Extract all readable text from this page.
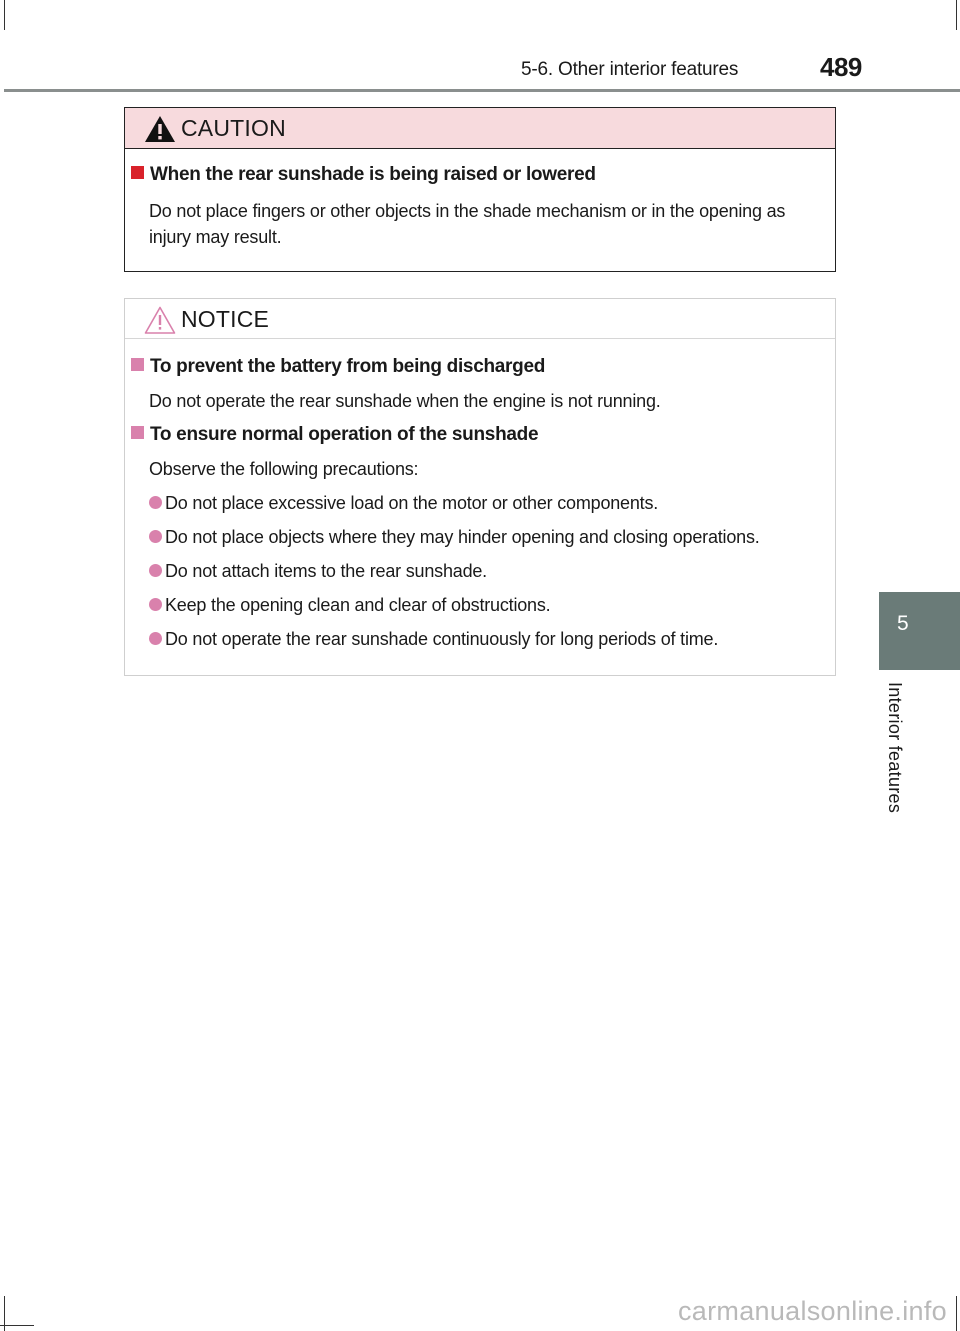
5-6. Other interior features	489
CAUTION
When the rear sunshade is being raised or lowered
Do not place fingers or other objects in the shade mechanism or in the opening as injury may result.
NOTICE
To prevent the battery from being discharged
Do not operate the rear sunshade when the engine is not running.
To ensure normal operation of the sunshade
Observe the following precautions:
Do not place excessive load on the motor or other components.
Do not place objects where they may hinder opening and closing operations.
Do not attach items to the rear sunshade.
Keep the opening clean and clear of obstructions.
Do not operate the rear sunshade continuously for long periods of time.
5
Interior features
carmanualsonline.info
